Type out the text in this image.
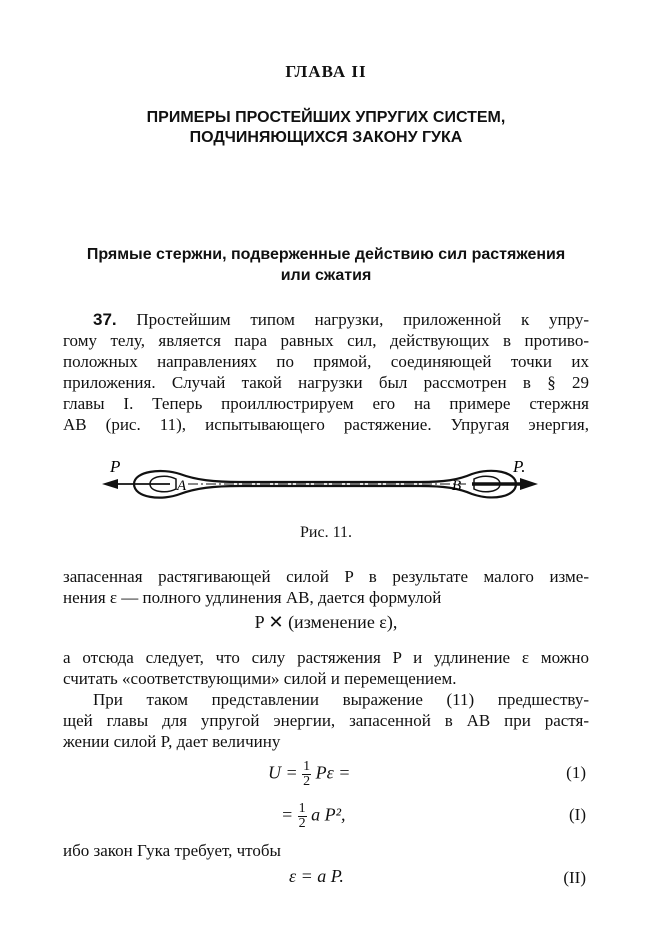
ГЛАВА II
ПРИМЕРЫ ПРОСТЕЙШИХ УПРУГИХ СИСТЕМ,
ПОДЧИНЯЮЩИХСЯ ЗАКОНУ ГУКА
Прямые стержни, подверженные действию сил растяжения
или сжатия
37. Простейшим типом нагрузки, приложенной к упру-
гому телу, является пара равных сил, действующих в противо-
положных направлениях по прямой, соединяющей точки их
приложения. Случай такой нагрузки был рассмотрен в § 29
главы I. Теперь проиллюстрируем его на примере стержня
AB (рис. 11), испытывающего растяжение. Упругая энергия,
P	P.
A	B
Рис. 11.
запасенная растягивающей силой P в результате малого изме-
нения ε — полного удлинения AB, дается формулой
P ✕ (изменение ε),
а отсюда следует, что силу растяжения P и удлинение ε можно
считать «соответствующими» силой и перемещением.
При таком представлении выражение (11) предшеству-
щей главы для упругой энергии, запасенной в AB при растя-
жении силой P, дает величину
$U = \frac{1}{2}$ Pε =	(1)
= $\frac{1}{2}$ a P²,	(I)
ибо закон Гука требует, чтобы
ε = a P.	(II)
